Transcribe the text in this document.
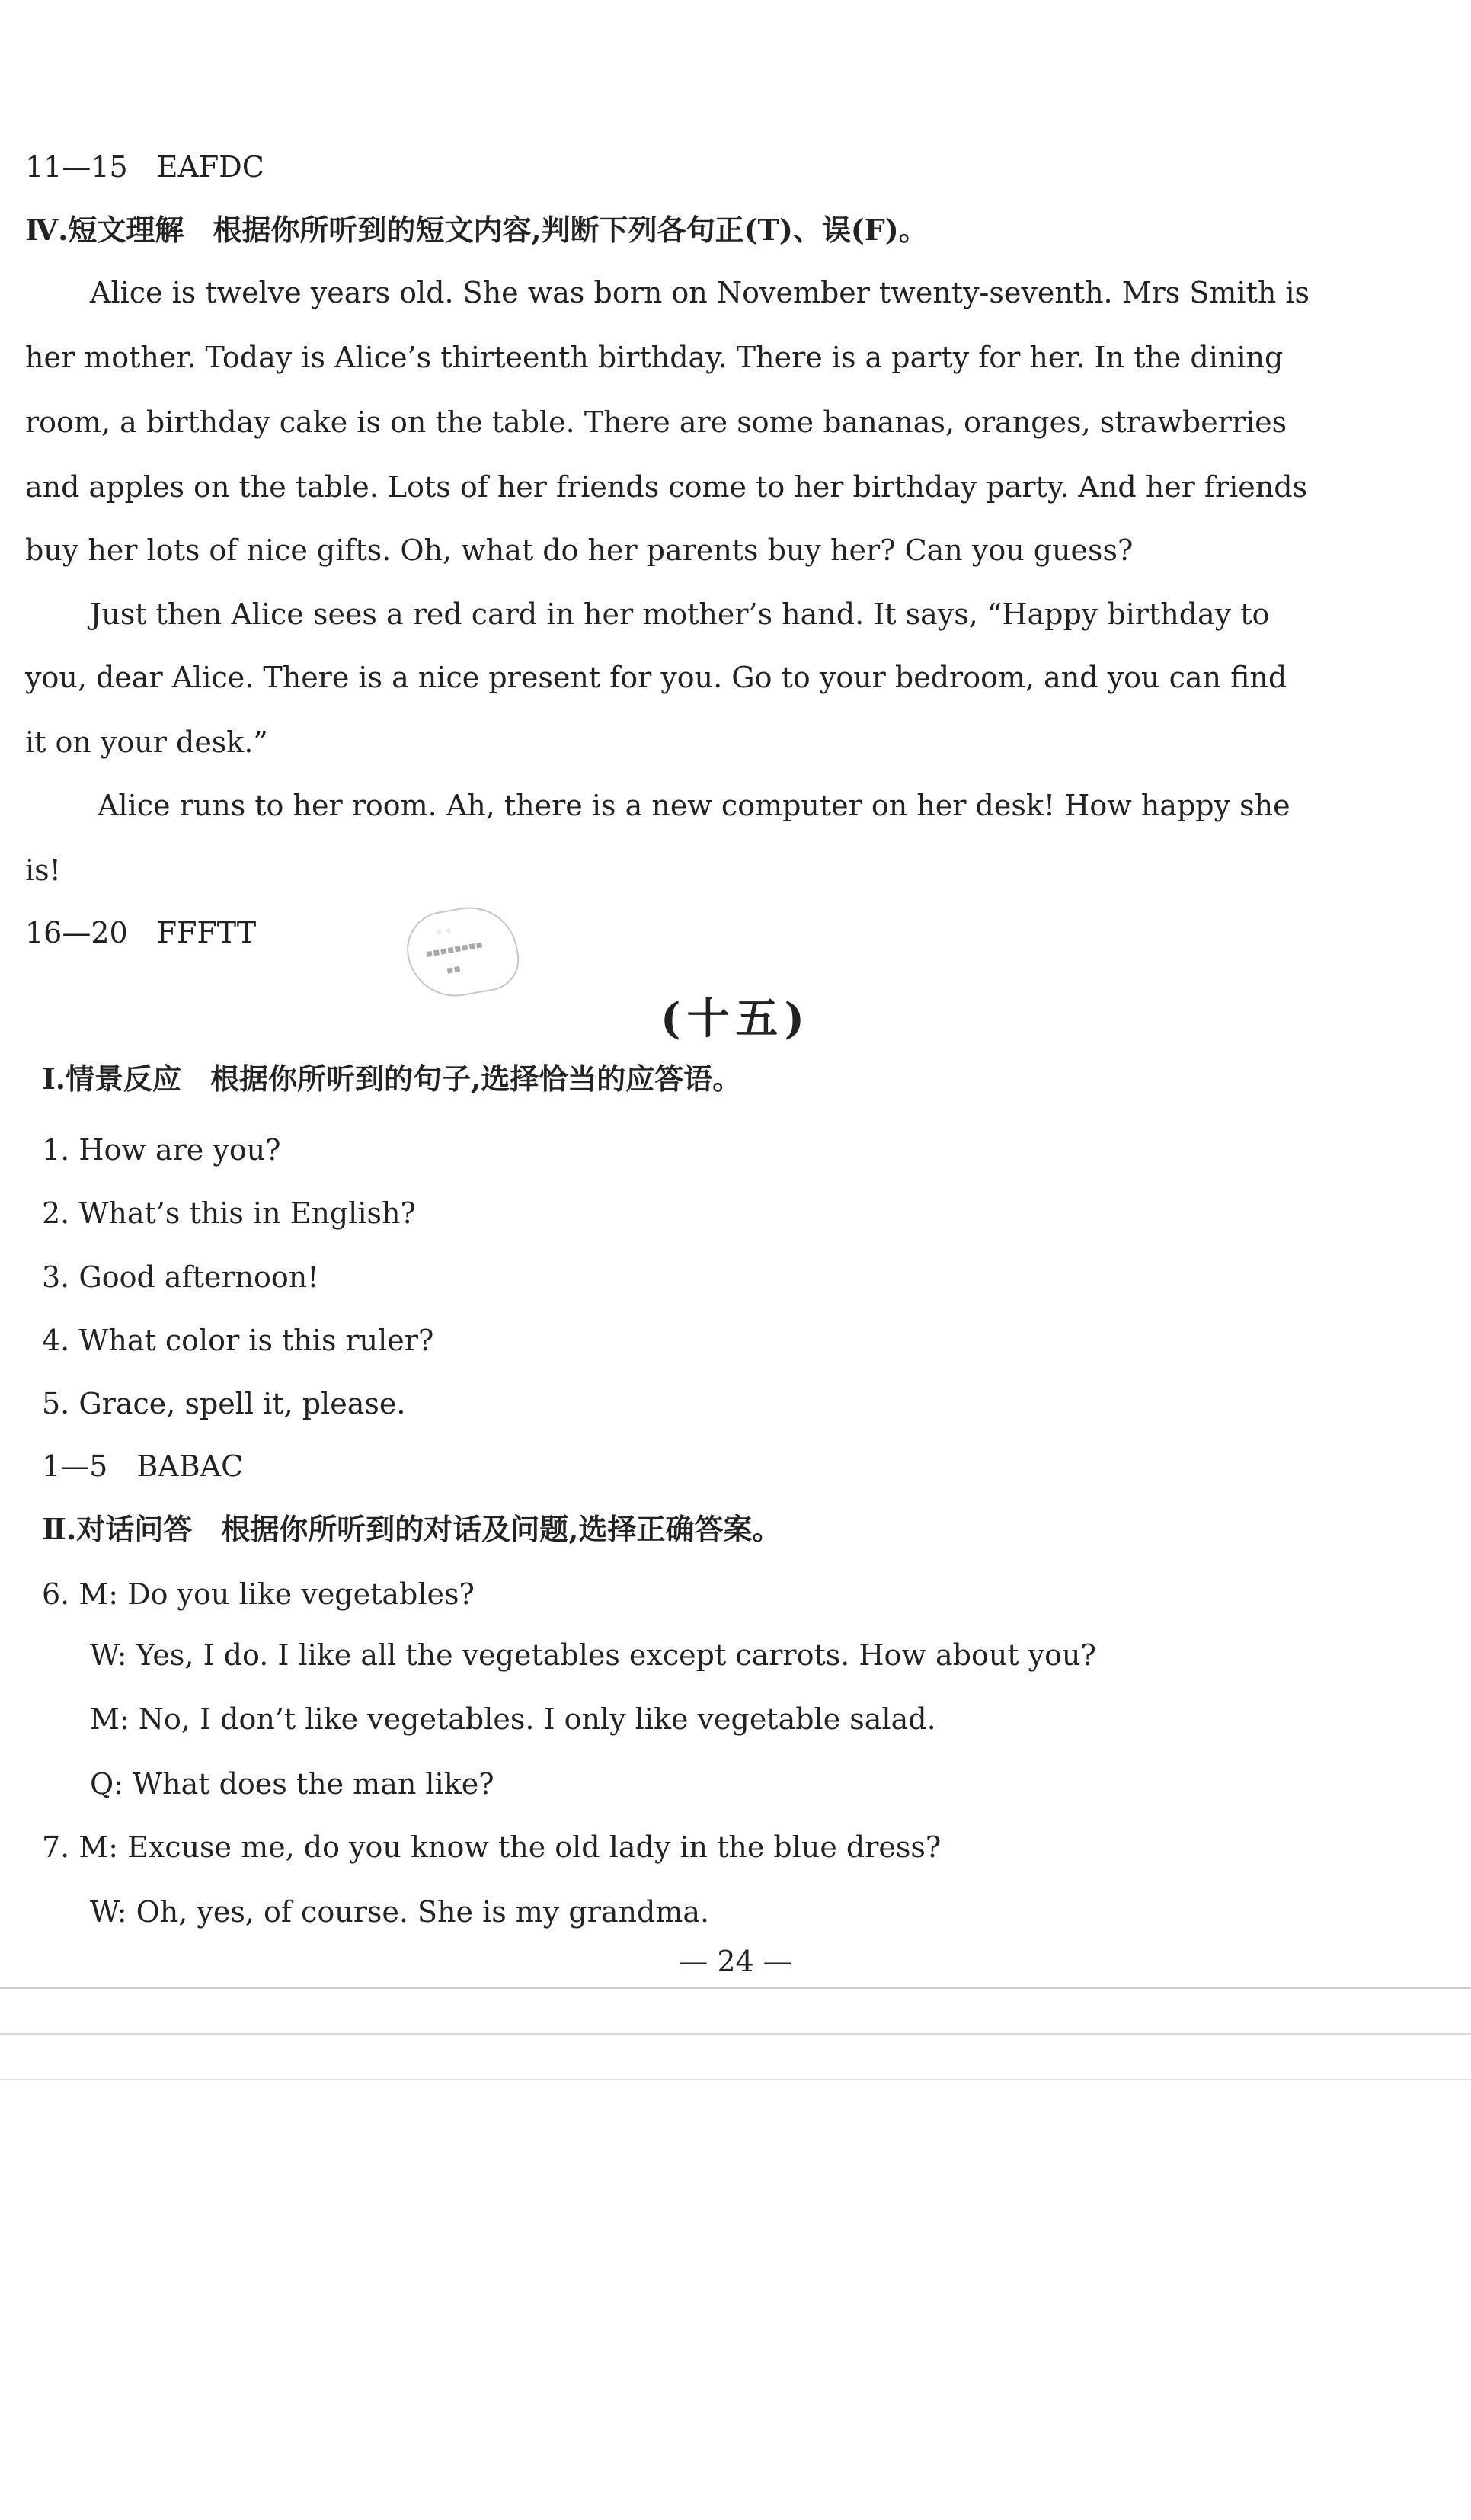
11—15　EAFDC
Ⅳ.短文理解　根据你所听到的短文内容,判断下列各句正(T)、误(F)。
Alice is twelve years old. She was born on November twenty-seventh. Mrs Smith is
her mother. Today is Alice’s thirteenth birthday. There is a party for her. In the dining
room, a birthday cake is on the table. There are some bananas, oranges, strawberries
and apples on the table. Lots of her friends come to her birthday party. And her friends
buy her lots of nice gifts. Oh, what do her parents buy her? Can you guess?
Just then Alice sees a red card in her mother’s hand. It says, “Happy birthday to
you, dear Alice. There is a nice present for you. Go to your bedroom, and you can find
it on your desk.”
Alice runs to her room. Ah, there is a new computer on her desk! How happy she
is!
16—20　FFFTT	◦ ◦
▪▪▪▪▪▪▪▪
▪▪
(十五)
Ⅰ.情景反应　根据你所听到的句子,选择恰当的应答语。
1. How are you?
2. What’s this in English?
3. Good afternoon!
4. What color is this ruler?
5. Grace, spell it, please.
1—5　BABAC
Ⅱ.对话问答　根据你所听到的对话及问题,选择正确答案。
6. M: Do you like vegetables?
W: Yes, I do. I like all the vegetables except carrots. How about you?
M: No, I don’t like vegetables. I only like vegetable salad.
Q: What does the man like?
7. M: Excuse me, do you know the old lady in the blue dress?
W: Oh, yes, of course. She is my grandma.
— 24 —
